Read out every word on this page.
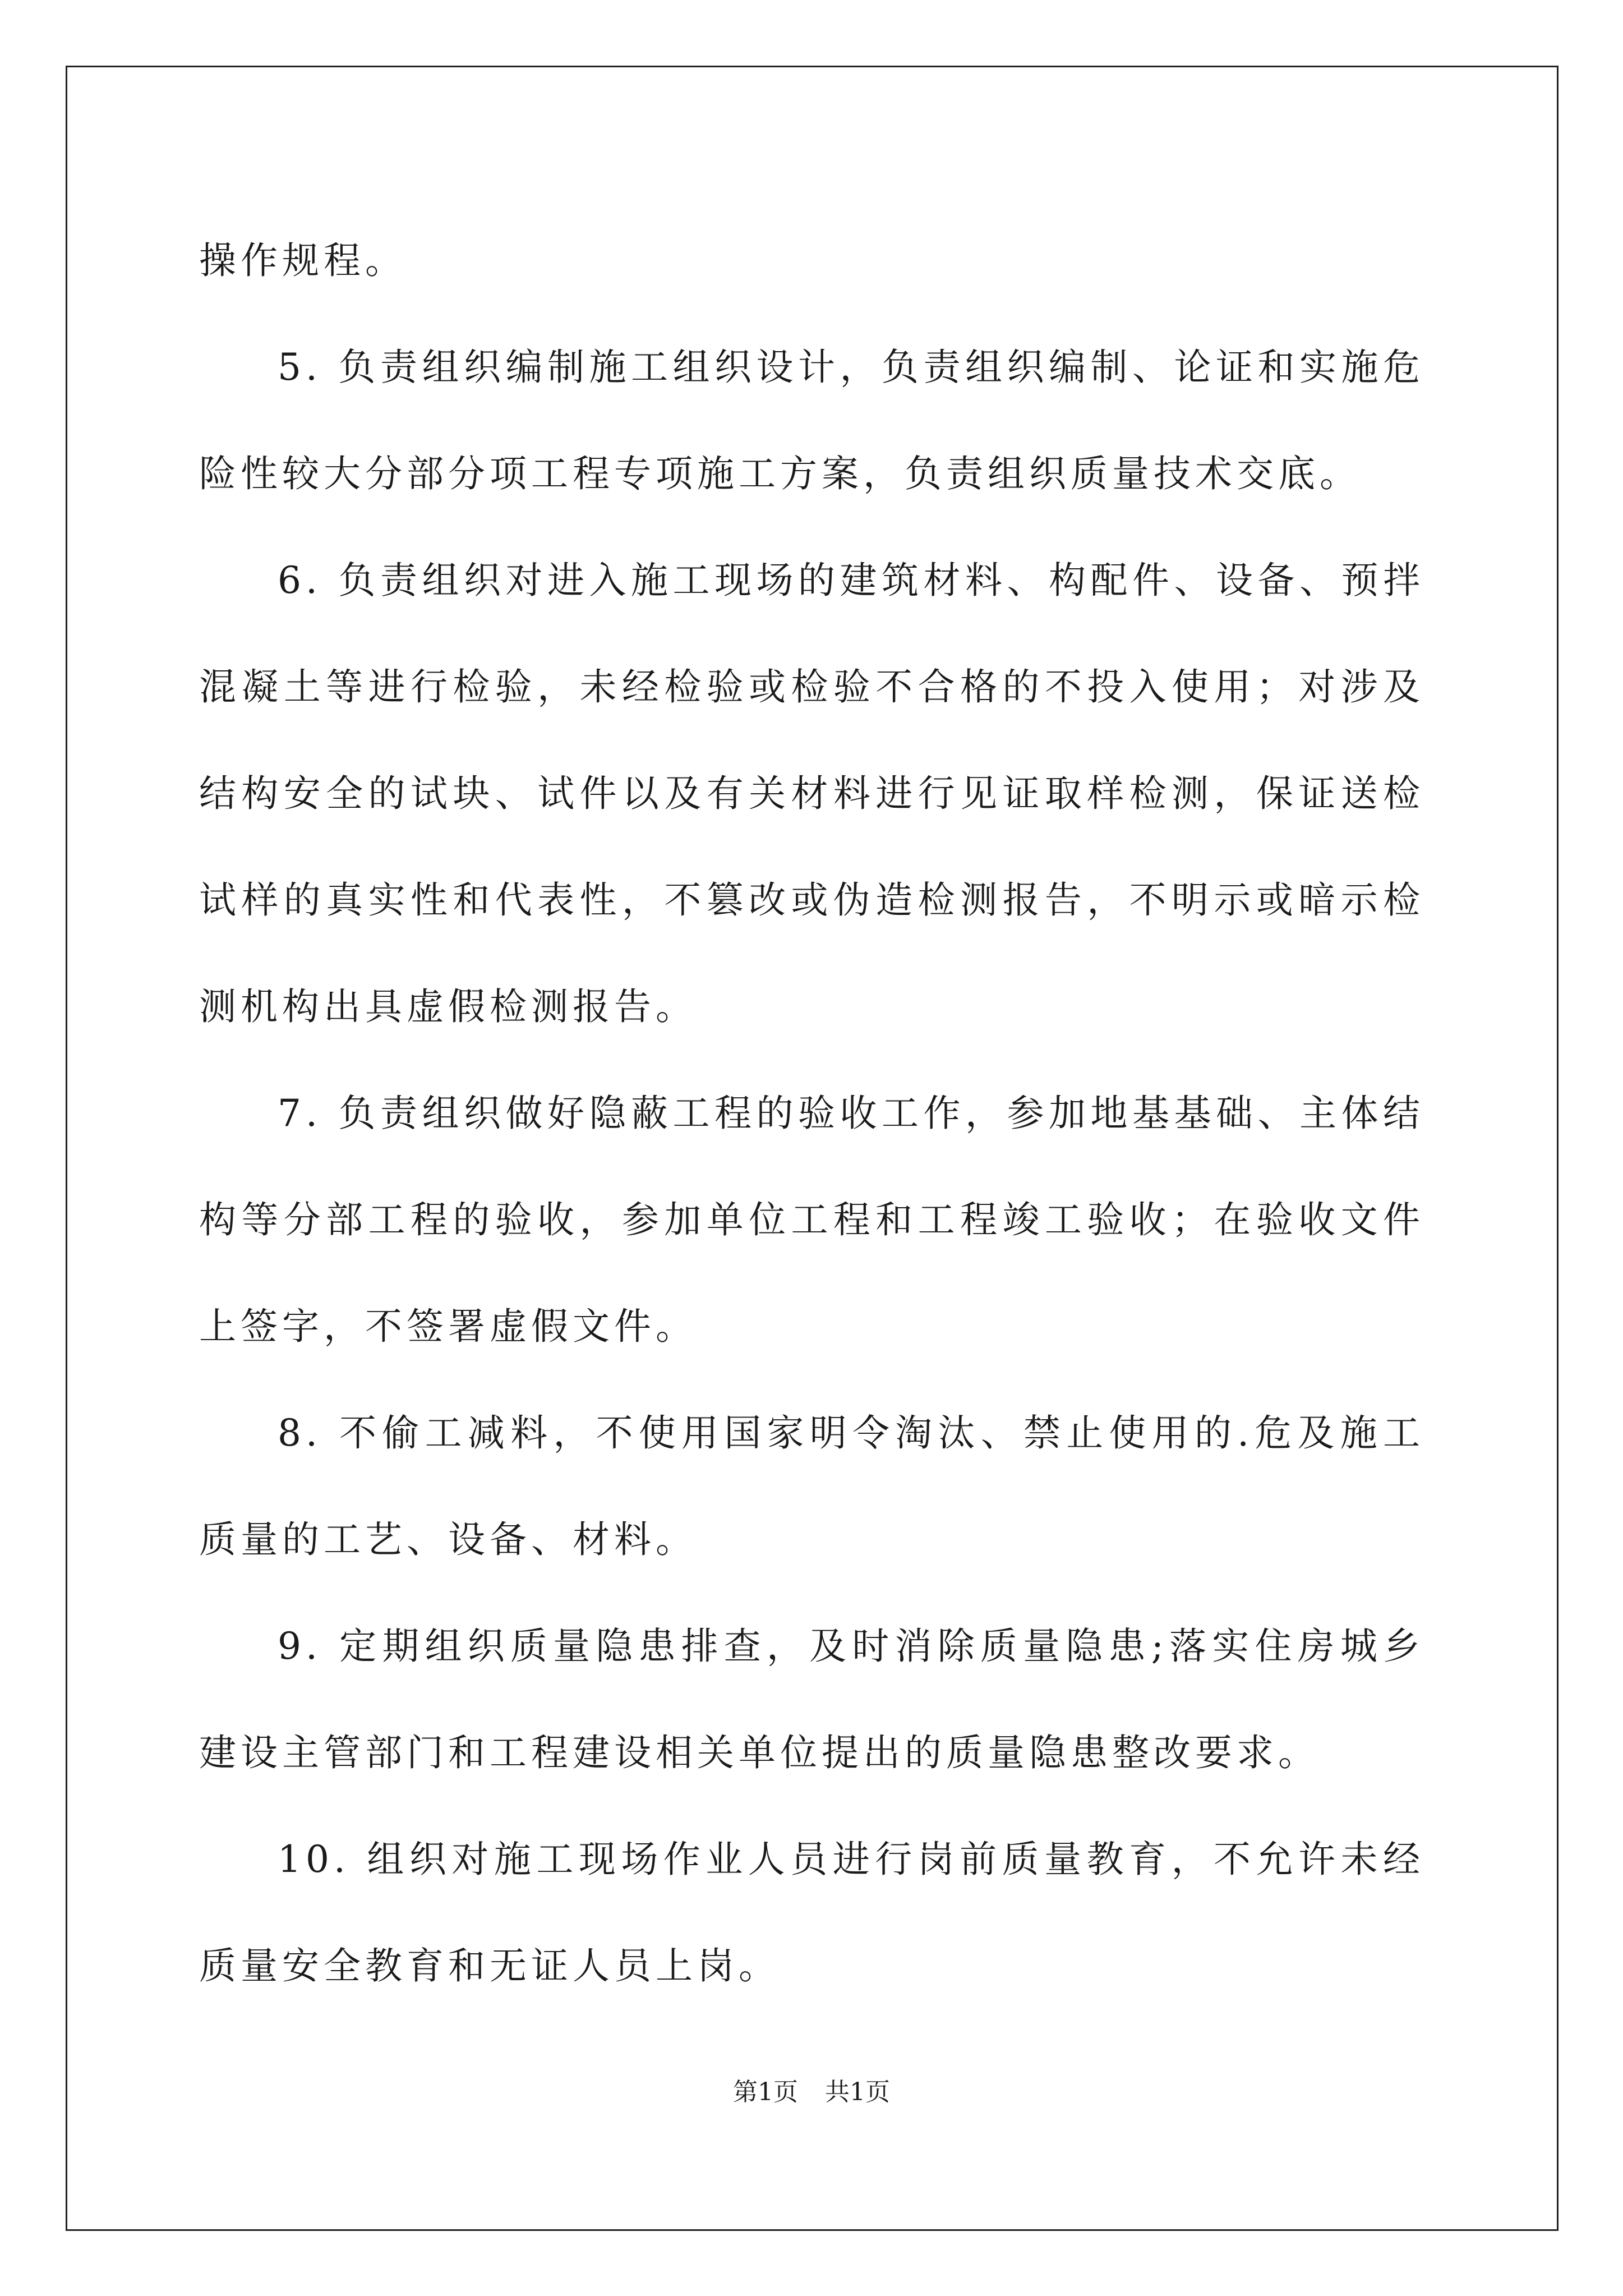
操作规程。

5. 负责组织编制施工组织设计，负责组织编制、论证和实施危险性较大分部分项工程专项施工方案，负责组织质量技术交底。

6. 负责组织对进入施工现场的建筑材料、构配件、设备、预拌混凝土等进行检验，未经检验或检验不合格的不投入使用；对涉及结构安全的试块、试件以及有关材料进行见证取样检测，保证送检试样的真实性和代表性，不篡改或伪造检测报告，不明示或暗示检测机构出具虚假检测报告。

7. 负责组织做好隐蔽工程的验收工作，参加地基基础、主体结构等分部工程的验收，参加单位工程和工程竣工验收；在验收文件上签字，不签署虚假文件。

8. 不偷工减料，不使用国家明令淘汰、禁止使用的.危及施工质量的工艺、设备、材料。

9. 定期组织质量隐患排查，及时消除质量隐患;落实住房城乡建设主管部门和工程建设相关单位提出的质量隐患整改要求。

10. 组织对施工现场作业人员进行岗前质量教育，不允许未经质量安全教育和无证人员上岗。

第1页 共1页
